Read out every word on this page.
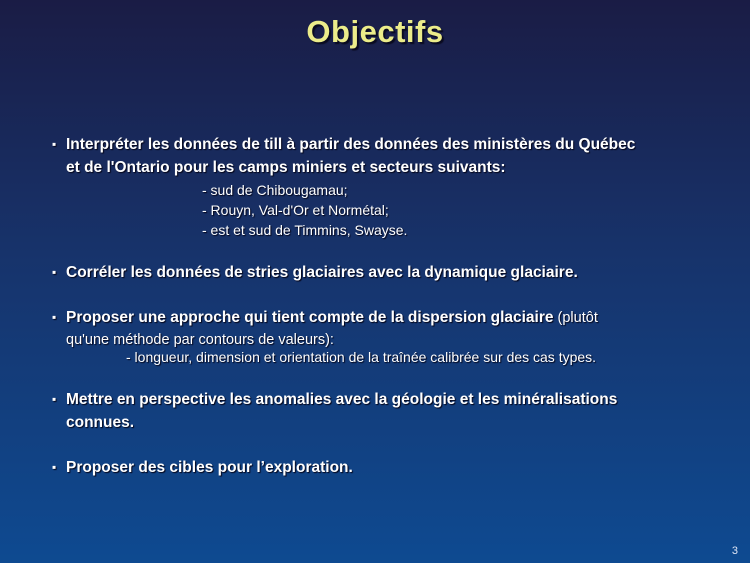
Objectifs
▪ Interpréter les données de till à partir des données des ministères du Québec
et de l'Ontario pour les camps miniers et secteurs suivants:
- sud de Chibougamau;
- Rouyn, Val-d'Or et Normétal;
- est et sud de Timmins, Swayse.
▪ Corréler les données de stries glaciaires avec la dynamique glaciaire.
▪ Proposer une approche qui tient compte de la dispersion glaciaire (plutôt
qu'une méthode par contours de valeurs):
- longueur, dimension et orientation de la traînée calibrée sur des cas types.
▪ Mettre en perspective les anomalies avec la géologie et les minéralisations
connues.
▪ Proposer des cibles pour l’exploration.
3
